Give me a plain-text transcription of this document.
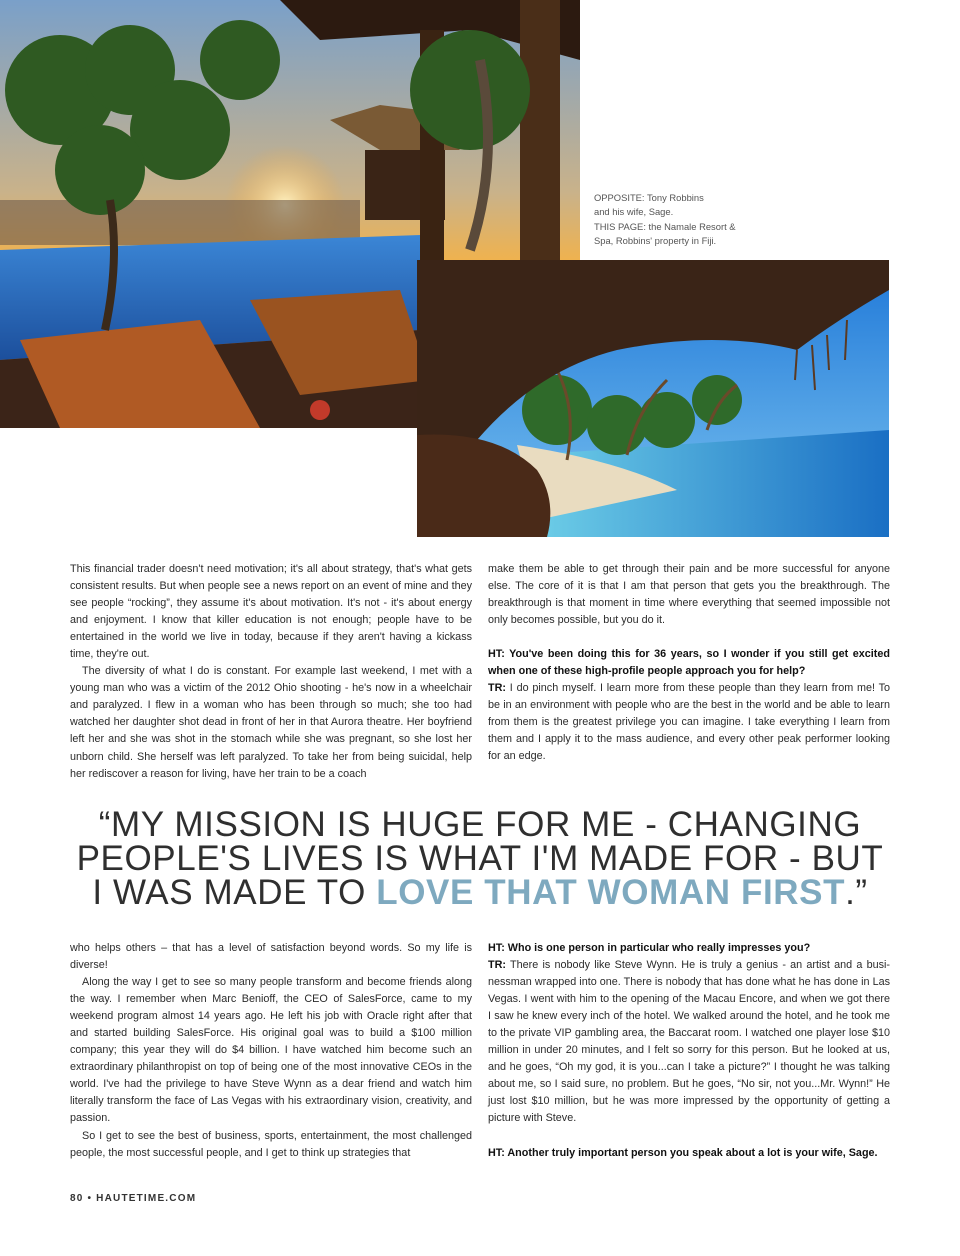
OPPOSITE: Tony Robbins
and his wife, Sage.
THIS PAGE: the Namale Resort &
Spa, Robbins' property in Fiji.

This financial trader doesn't need motivation; it's all about strategy, that's what gets consistent results. But when people see a news report on an event of mine and they see people “rocking”, they assume it's about motivation. It's not - it's about energy and enjoyment. I know that killer education is not enough; people have to be entertained in the world we live in today, because if they aren't having a kickass time, they're out.

The diversity of what I do is constant. For example last weekend, I met with a young man who was a victim of the 2012 Ohio shooting - he's now in a wheelchair and paralyzed. I flew in a woman who has been through so much; she too had watched her daughter shot dead in front of her in that Aurora theatre. Her boyfriend left her and she was shot in the stomach while she was pregnant, so she lost her unborn child. She herself was left paralyzed. To take her from being suicidal, help her rediscover a reason for living, have her train to be a coach

make them be able to get through their pain and be more successful for anyone else. The core of it is that I am that person that gets you the breakthrough. The breakthrough is that moment in time where everything that seemed impossible not only becomes possible, but you do it.

HT: You've been doing this for 36 years, so I wonder if you still get excited when one of these high-profile people approach you for help?

TR: I do pinch myself. I learn more from these people than they learn from me! To be in an environment with people who are the best in the world and be able to learn from them is the greatest privilege you can imagine. I take everything I learn from them and I apply it to the mass audience, and every other peak performer looking for an edge.

“MY MISSION IS HUGE FOR ME - CHANGING
PEOPLE'S LIVES IS WHAT I'M MADE FOR - BUT
I WAS MADE TO LOVE THAT WOMAN FIRST.”

who helps others – that has a level of satisfaction beyond words. So my life is diverse!

Along the way I get to see so many people transform and become friends along the way. I remember when Marc Benioff, the CEO of SalesForce, came to my weekend program almost 14 years ago. He left his job with Oracle right after that and started building SalesForce. His original goal was to build a $100 million company; this year they will do $4 billion. I have watched him become such an extraordinary philanthropist on top of being one of the most innovative CEOs in the world. I've had the privilege to have Steve Wynn as a dear friend and watch him literally transform the face of Las Vegas with his extraordinary vision, creativity, and passion.

So I get to see the best of business, sports, entertainment, the most challenged people, the most successful people, and I get to think up strategies that

HT: Who is one person in particular who really impresses you?

TR: There is nobody like Steve Wynn. He is truly a genius - an artist and a businessman wrapped into one. There is nobody that has done what he has done in Las Vegas. I went with him to the opening of the Macau Encore, and when we got there I saw he knew every inch of the hotel. We walked around the hotel, and he took me to the private VIP gambling area, the Baccarat room. I watched one player lose $10 million in under 20 minutes, and I felt so sorry for this person. But he looked at us, and he goes, “Oh my god, it is you...can I take a picture?” I thought he was talking about me, so I said sure, no problem. But he goes, “No sir, not you...Mr. Wynn!” He just lost $10 million, but he was more impressed by the opportunity of getting a picture with Steve.

HT: Another truly important person you speak about a lot is your wife, Sage.

80 • HAUTETIME.COM
